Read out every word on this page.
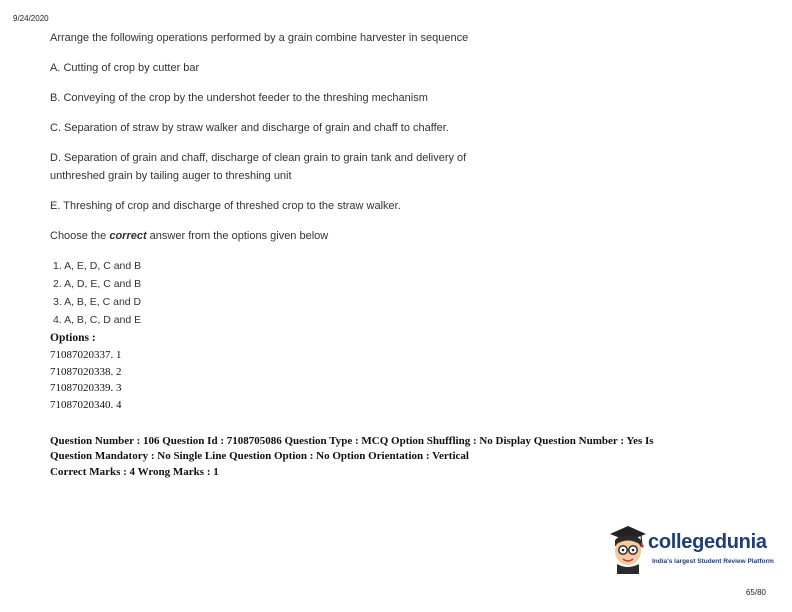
9/24/2020
Arrange the following operations performed by a grain combine harvester in sequence
A. Cutting of crop by cutter bar
B. Conveying of the crop by the undershot feeder to the threshing mechanism
C. Separation of straw by straw walker and discharge of grain and chaff to chaffer.
D. Separation of grain and chaff, discharge of clean grain to grain tank and delivery of
unthreshed grain by tailing auger to threshing unit
E. Threshing of crop and discharge of threshed crop to the straw walker.
Choose the correct answer from the options given below
1. A, E, D, C and B
2. A, D, E, C and B
3. A, B, E, C and D
4. A, B, C, D and E
Options :
71087020337. 1
71087020338. 2
71087020339. 3
71087020340. 4
Question Number : 106 Question Id : 7108705086 Question Type : MCQ Option Shuffling : No Display Question Number : Yes Is
Question Mandatory : No Single Line Question Option : No Option Orientation : Vertical
Correct Marks : 4 Wrong Marks : 1
collegedunia
India's largest Student Review Platform
65/80
